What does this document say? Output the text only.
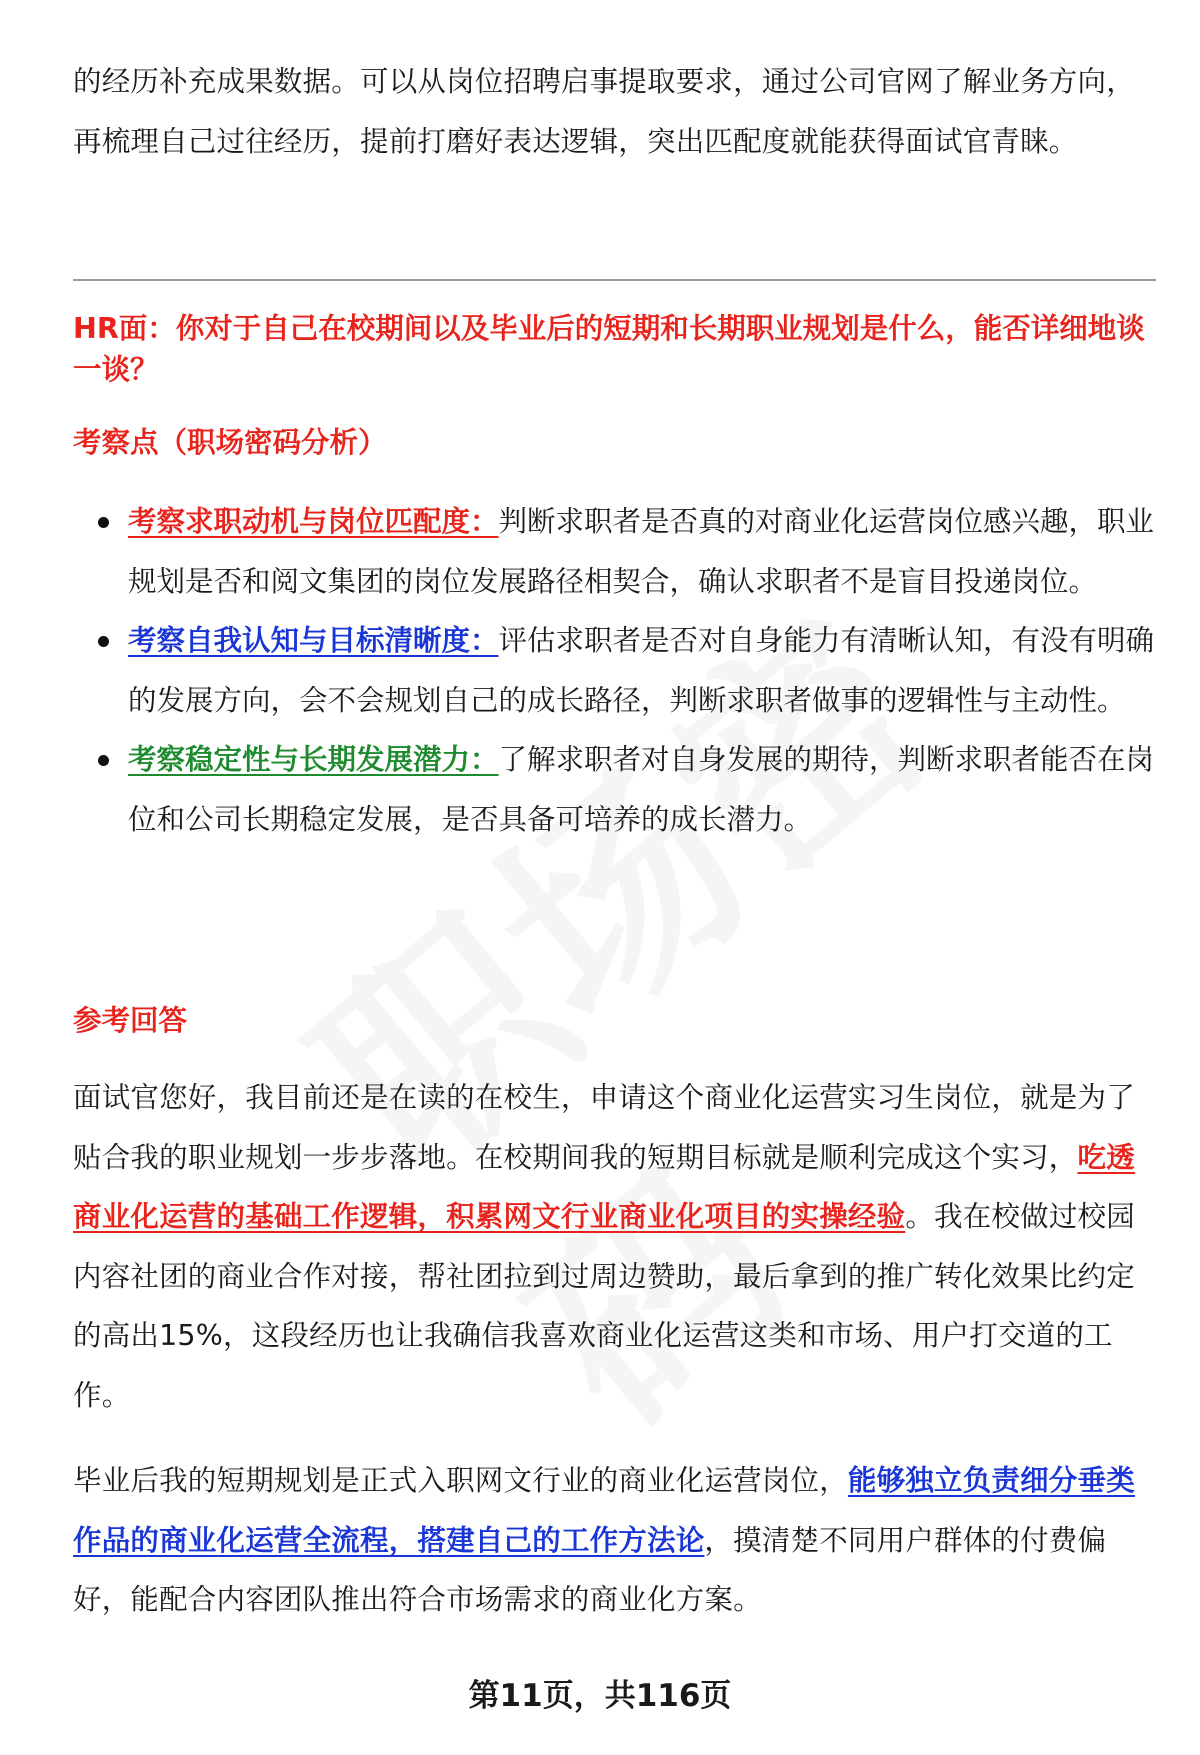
的经历补充成果数据。可以从岗位招聘启事提取要求，通过公司官网了解业务方向，再梳理自己过往经历，提前打磨好表达逻辑，突出匹配度就能获得面试官青睐。

HR面：你对于自己在校期间以及毕业后的短期和长期职业规划是什么，能否详细地谈一谈？

考察点（职场密码分析）

考察求职动机与岗位匹配度：判断求职者是否真的对商业化运营岗位感兴趣，职业规划是否和阅文集团的岗位发展路径相契合，确认求职者不是盲目投递岗位。
考察自我认知与目标清晰度：评估求职者是否对自身能力有清晰认知，有没有明确的发展方向，会不会规划自己的成长路径，判断求职者做事的逻辑性与主动性。
考察稳定性与长期发展潜力：了解求职者对自身发展的期待，判断求职者能否在岗位和公司长期稳定发展，是否具备可培养的成长潜力。

参考回答

面试官您好，我目前还是在读的在校生，申请这个商业化运营实习生岗位，就是为了贴合我的职业规划一步步落地。在校期间我的短期目标就是顺利完成这个实习，吃透商业化运营的基础工作逻辑，积累网文行业商业化项目的实操经验。我在校做过校园内容社团的商业合作对接，帮社团拉到过周边赞助，最后拿到的推广转化效果比约定的高出15%，这段经历也让我确信我喜欢商业化运营这类和市场、用户打交道的工作。

毕业后我的短期规划是正式入职网文行业的商业化运营岗位，能够独立负责细分垂类作品的商业化运营全流程，搭建自己的工作方法论，摸清楚不同用户群体的付费偏好，能配合内容团队推出符合市场需求的商业化方案。

第11页，共116页
